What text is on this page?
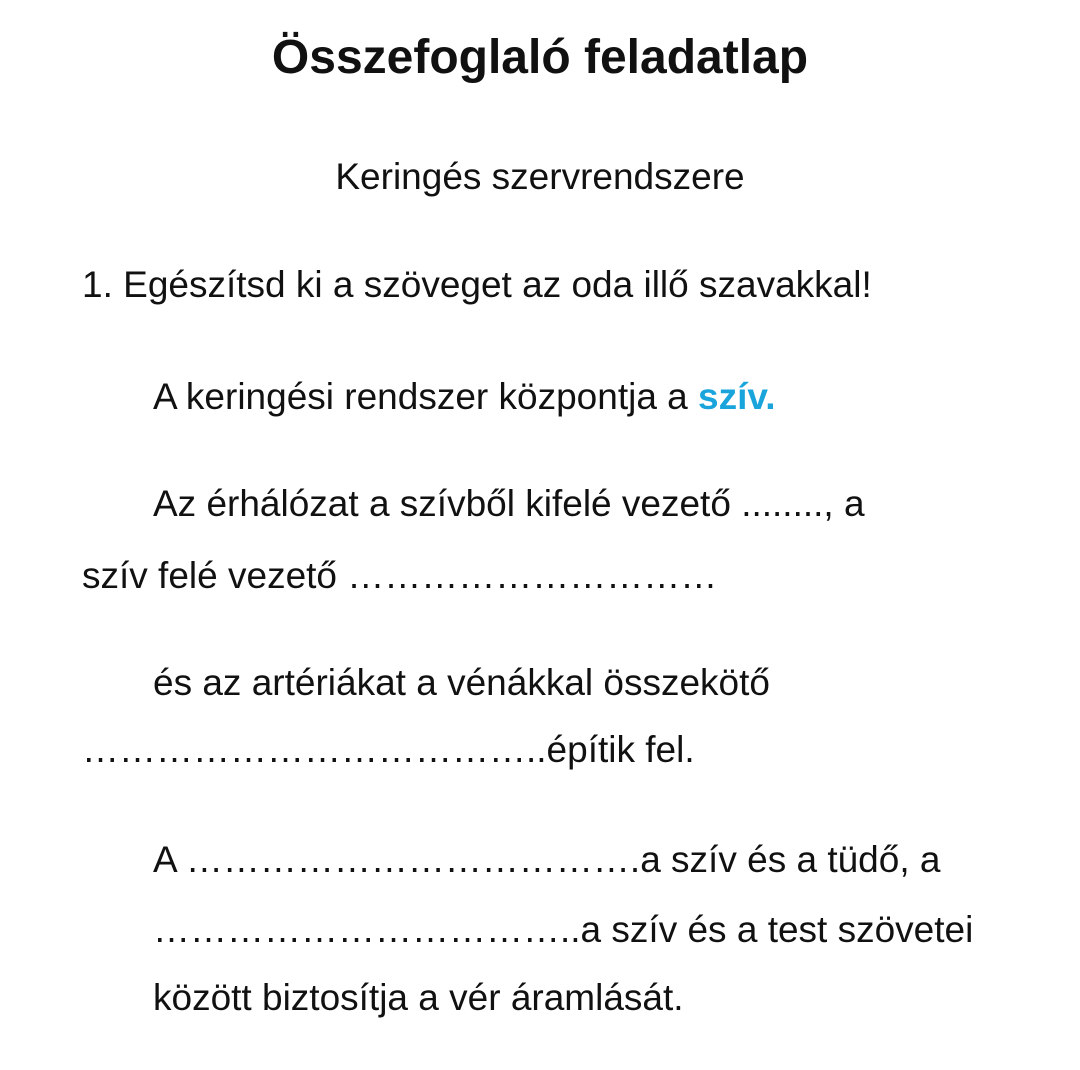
Összefoglaló feladatlap

Keringés szervrendszere

1. Egészítsd ki a szöveget az oda illő szavakkal!

A keringési rendszer központja a szív.

Az érhálózat a szívből kifelé vezető ........, a

szív felé vezető …………………………

és az artériákat a vénákkal összekötő

………………………………..építik fel.

A ……………………………….a szív és a tüdő, a

……………………………..a szív és a test szövetei

között biztosítja a vér áramlását.
